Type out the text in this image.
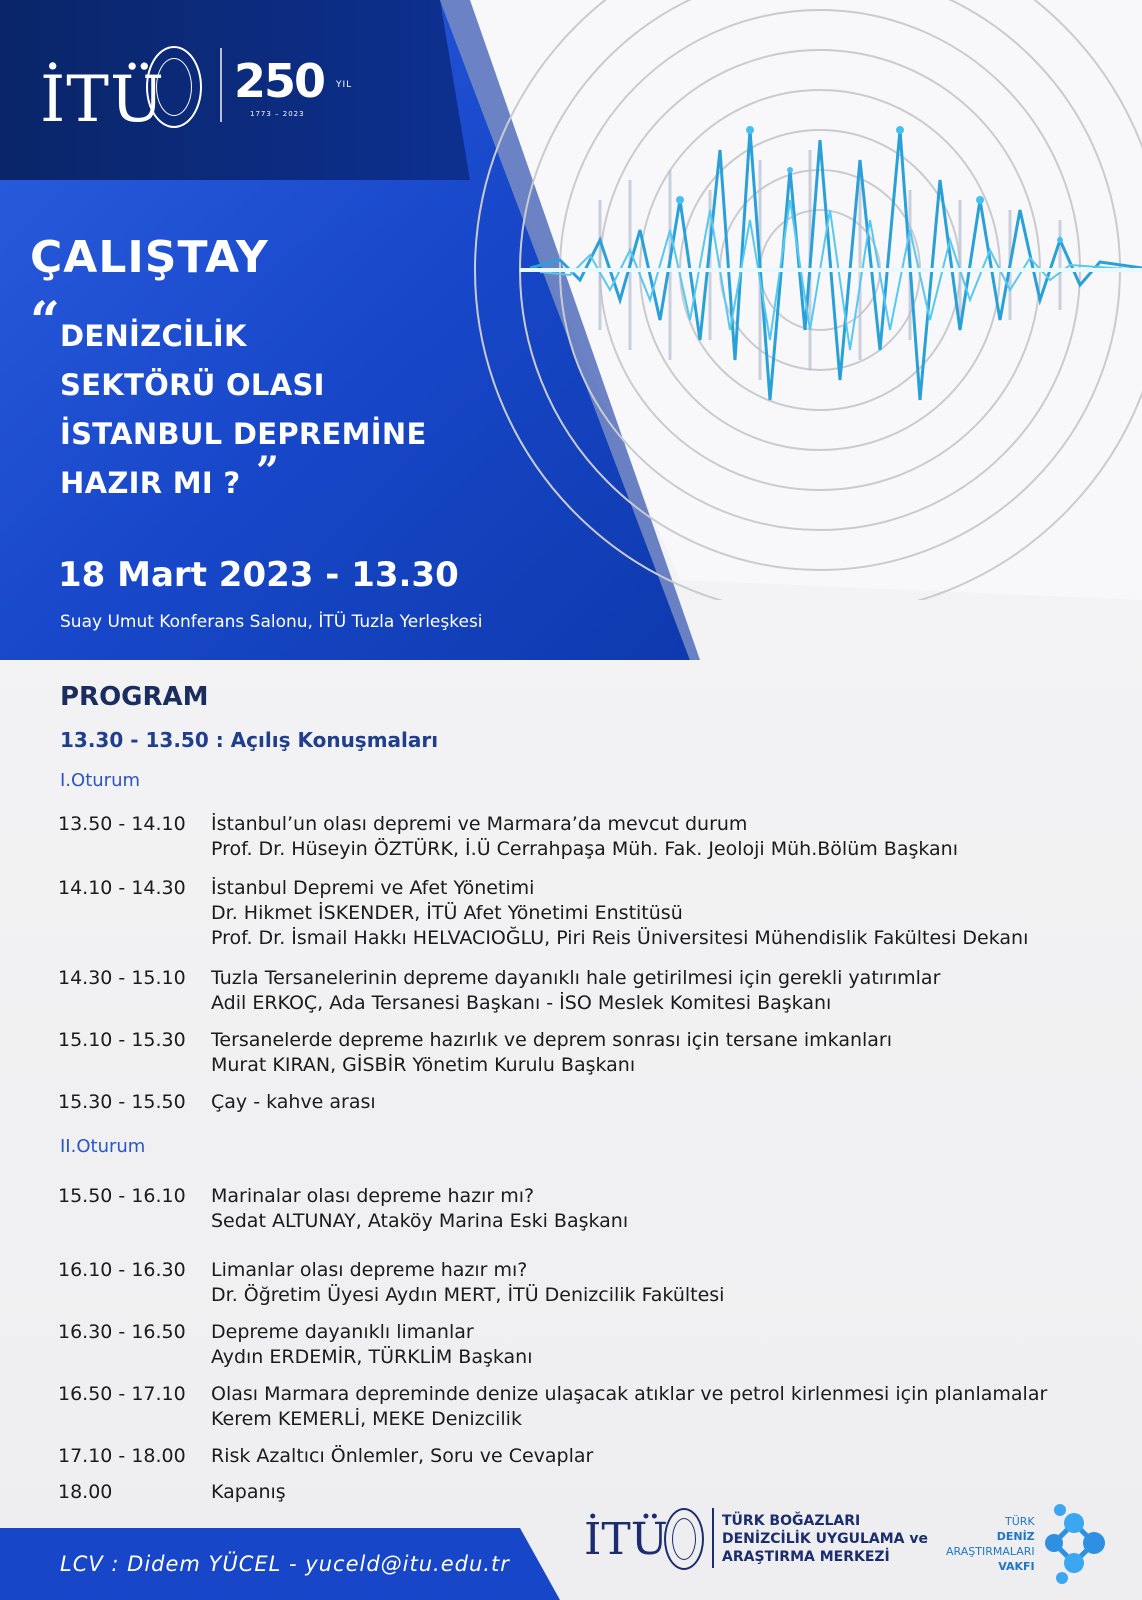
İTÜ 250 YIL
1773 – 2023
ÇALIŞTAY
“ DENİZCİLİK
SEKTÖRÜ OLASI
İSTANBUL DEPREMİNE
HAZIR MI ? ”
18 Mart 2023 - 13.30
Suay Umut Konferans Salonu, İTÜ Tuzla Yerleşkesi
PROGRAM
13.30 - 13.50 : Açılış Konuşmaları
I.Oturum
13.50 - 14.10 İstanbul’un olası depremi ve Marmara’da mevcut durum
Prof. Dr. Hüseyin ÖZTÜRK, İ.Ü Cerrahpaşa Müh. Fak. Jeoloji Müh.Bölüm Başkanı
14.10 - 14.30 İstanbul Depremi ve Afet Yönetimi
Dr. Hikmet İSKENDER, İTÜ Afet Yönetimi Enstitüsü
Prof. Dr. İsmail Hakkı HELVACIOĞLU, Piri Reis Üniversitesi Mühendislik Fakültesi Dekanı
14.30 - 15.10 Tuzla Tersanelerinin depreme dayanıklı hale getirilmesi için gerekli yatırımlar
Adil ERKOÇ, Ada Tersanesi Başkanı - İSO Meslek Komitesi Başkanı
15.10 - 15.30 Tersanelerde depreme hazırlık ve deprem sonrası için tersane imkanları
Murat KIRAN, GİSBİR Yönetim Kurulu Başkanı
15.30 - 15.50 Çay - kahve arası
II.Oturum
15.50 - 16.10 Marinalar olası depreme hazır mı?
Sedat ALTUNAY, Ataköy Marina Eski Başkanı
16.10 - 16.30 Limanlar olası depreme hazır mı?
Dr. Öğretim Üyesi Aydın MERT, İTÜ Denizcilik Fakültesi
16.30 - 16.50 Depreme dayanıklı limanlar
Aydın ERDEMİR, TÜRKLİM Başkanı
16.50 - 17.10 Olası Marmara depreminde denize ulaşacak atıklar ve petrol kirlenmesi için planlamalar
Kerem KEMERLİ, MEKE Denizcilik
17.10 - 18.00 Risk Azaltıcı Önlemler, Soru ve Cevaplar
18.00	Kapanış
LCV : Didem YÜCEL - yuceld@itu.edu.tr İTÜ	TÜRK BOĞAZLARI
DENİZCİLİK UYGULAMA ve
ARAŞTIRMA MERKEZİ
TÜRK
DENİZ
ARAŞTIRMALARI
VAKFI
